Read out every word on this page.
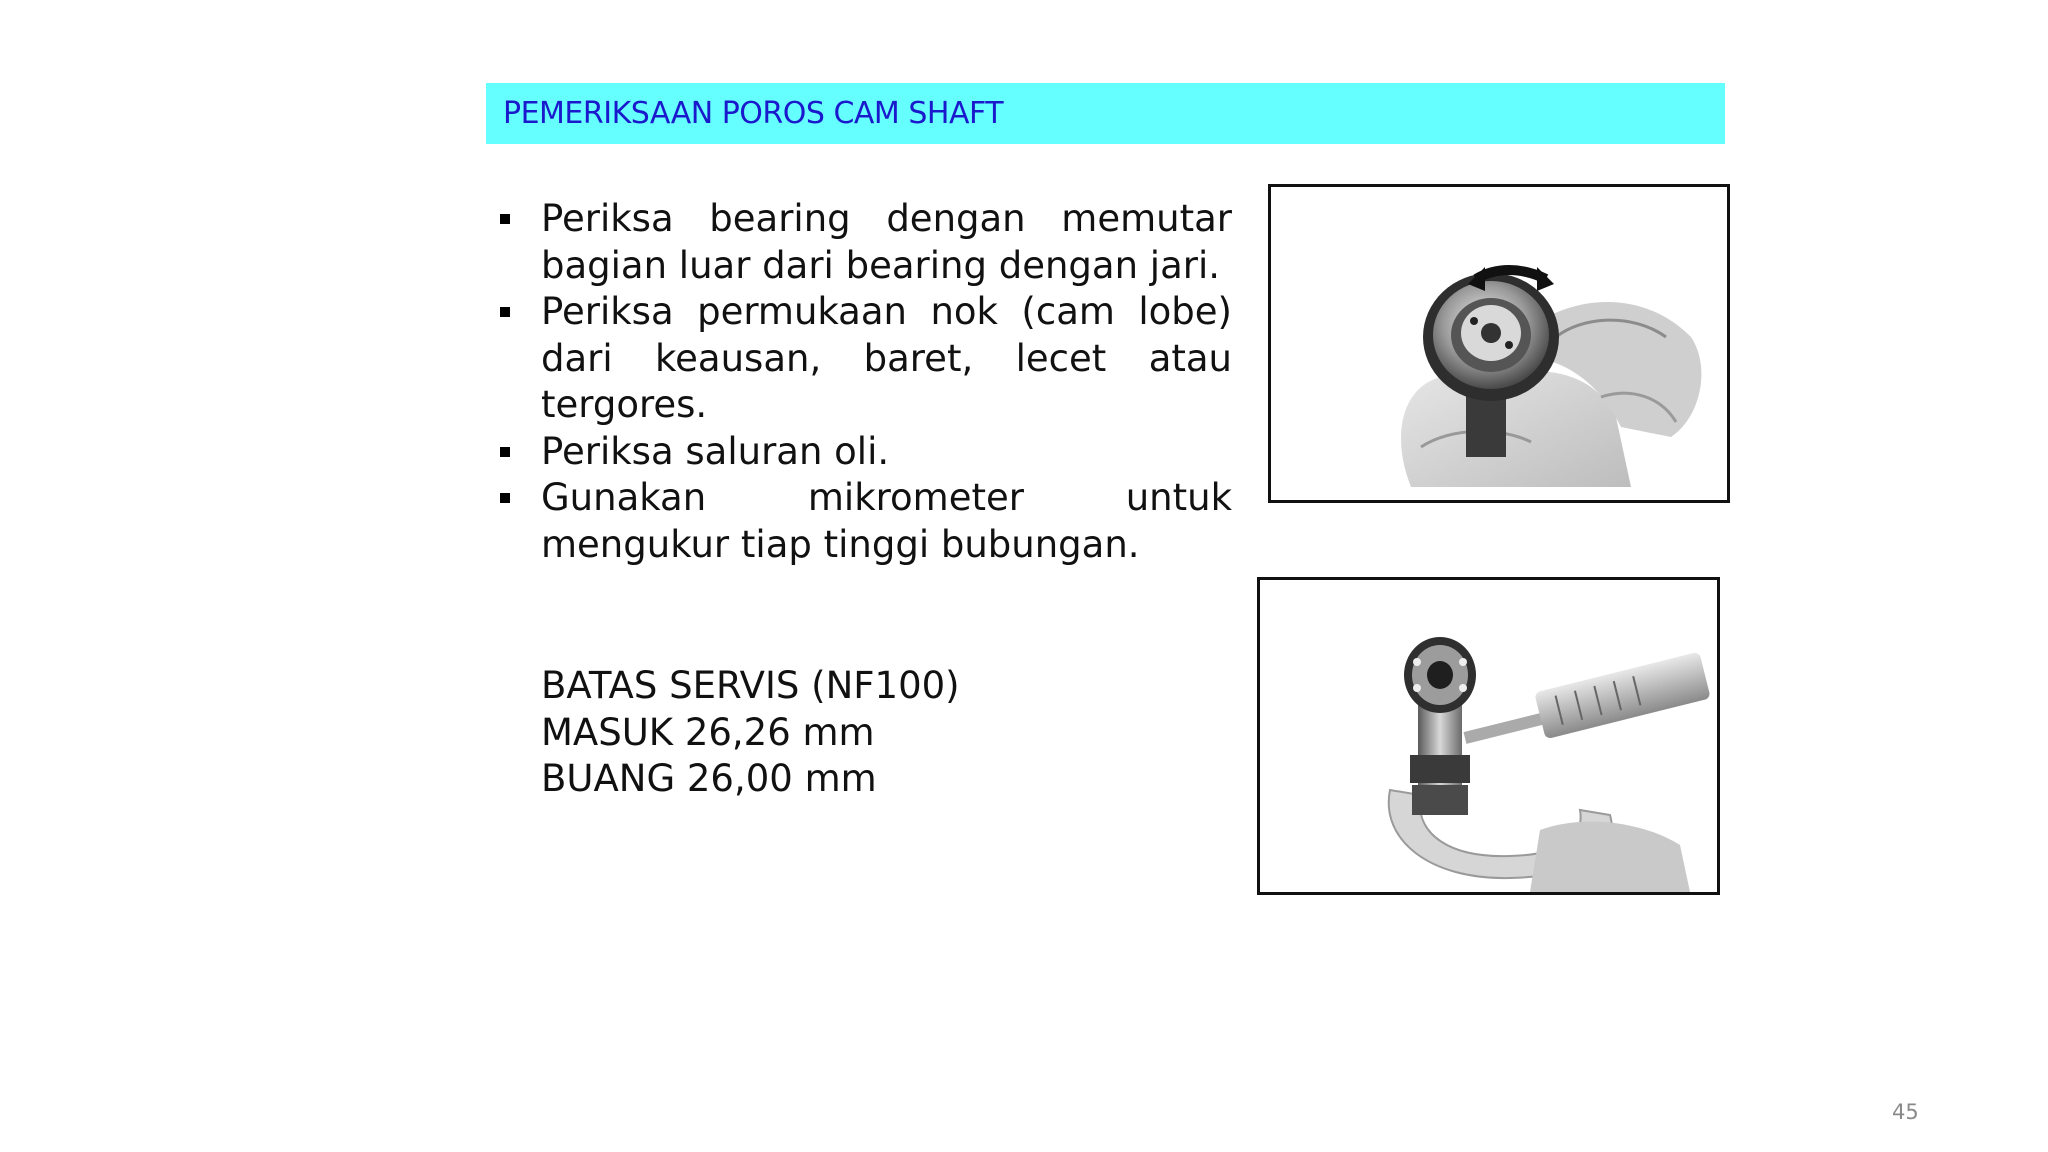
PEMERIKSAAN POROS CAM SHAFT
Periksa bearing dengan memutar bagian luar dari bearing dengan jari.
Periksa permukaan nok (cam lobe) dari keausan, baret, lecet atau tergores.
Periksa saluran oli.
Gunakan mikrometer untuk mengukur tiap tinggi bubungan.
BATAS SERVIS (NF100)
MASUK 26,26 mm
BUANG 26,00 mm
45
